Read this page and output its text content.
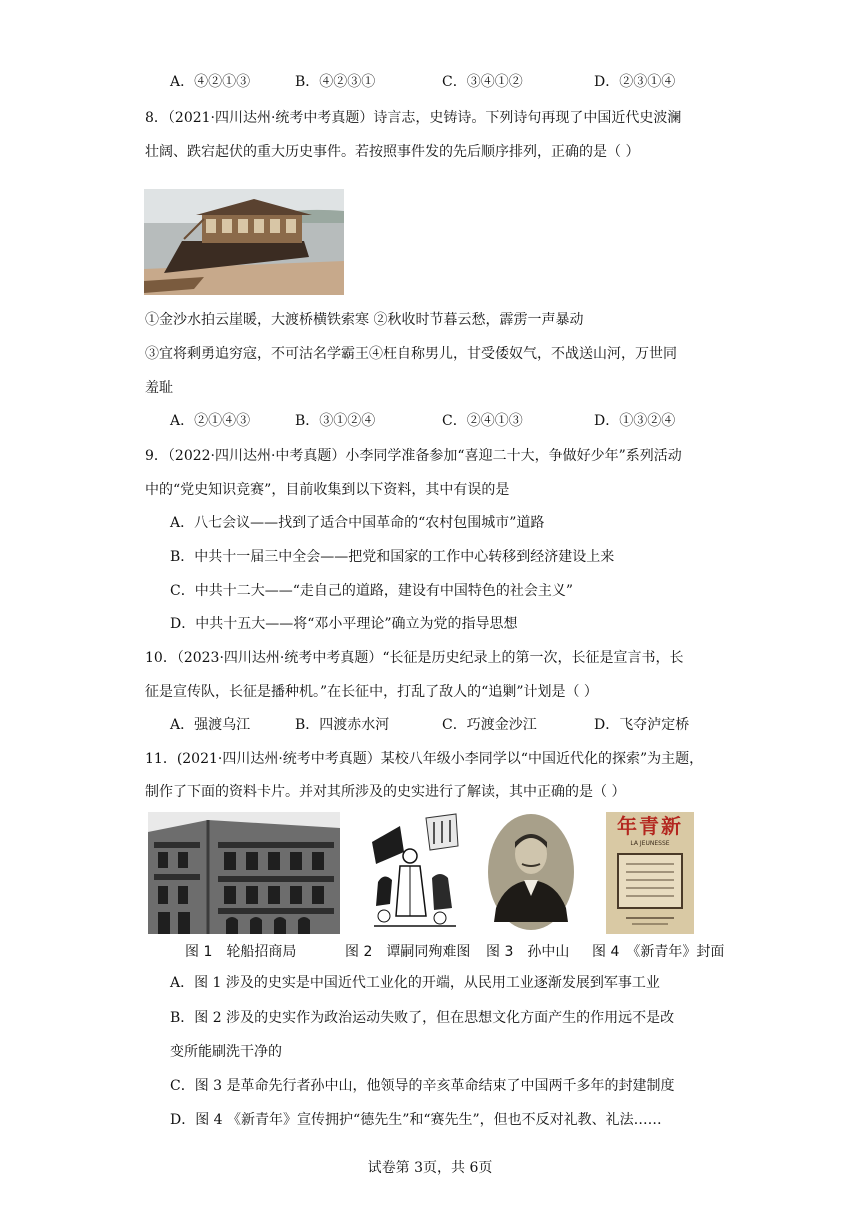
A．④②①③	B．④②③①	C．③④①②	D．②③①④
8．（2021·四川达州·统考中考真题）诗言志，史铸诗。下列诗句再现了中国近代史波澜
壮阔、跌宕起伏的重大历史事件。若按照事件发的先后顺序排列，正确的是（ ）
①金沙水拍云崖暖，大渡桥横铁索寒 ②秋收时节暮云愁，霹雳一声暴动
③宜将剩勇追穷寇，不可沽名学霸王④枉自称男儿，甘受倭奴气，不战送山河，万世同
羞耻
A．②①④③	B．③①②④	C．②④①③	D．①③②④
9．（2022·四川达州·中考真题）小李同学准备参加“喜迎二十大，争做好少年”系列活动
中的“党史知识竞赛”，目前收集到以下资料，其中有误的是
A．八七会议——找到了适合中国革命的“农村包围城市”道路
B．中共十一届三中全会——把党和国家的工作中心转移到经济建设上来
C．中共十二大——“走自己的道路，建设有中国特色的社会主义”
D．中共十五大——将“邓小平理论”确立为党的指导思想
10．（2023·四川达州·统考中考真题）“长征是历史纪录上的第一次，长征是宣言书，长
征是宣传队，长征是播种机。”在长征中，打乱了敌人的“追剿”计划是（ ）
A．强渡乌江	B．四渡赤水河	C．巧渡金沙江	D．飞夺泸定桥
11．(2021·四川达州·统考中考真题）某校八年级小李同学以“中国近代化的探索”为主题，
制作了下面的资料卡片。并对其所涉及的史实进行了解读，其中正确的是（ ）
年青新
LA JEUNESSE
图 1　轮船招商局	图 2　谭嗣同殉难图 图 3　孙中山 图 4　《新青年》封面
A．图 1 涉及的史实是中国近代工业化的开端，从民用工业逐渐发展到军事工业
B．图 2 涉及的史实作为政治运动失败了，但在思想文化方面产生的作用远不是改
变所能刷洗干净的
C．图 3 是革命先行者孙中山，他领导的辛亥革命结束了中国两千多年的封建制度
D．图 4 《新青年》宣传拥护“德先生”和“赛先生”，但也不反对礼教、礼法……
试卷第 3页，共 6页
